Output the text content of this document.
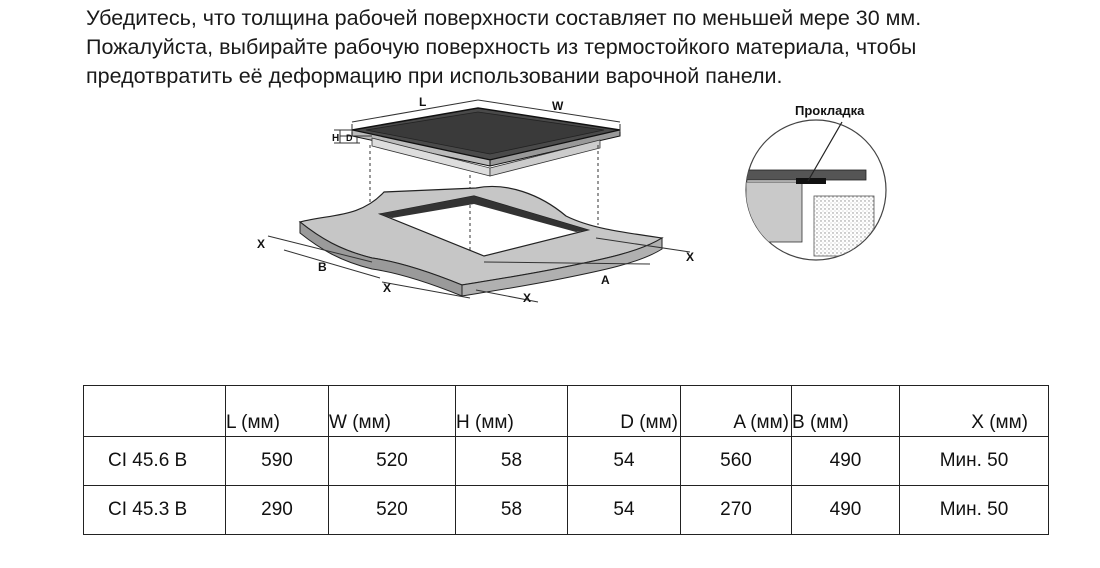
Убедитесь, что толщина рабочей поверхности составляет по меньшей мере 30 мм.

Пожалуйста, выбирайте рабочую поверхность из термостойкого материала, чтобы

предотвратить её деформацию при использовании варочной панели.

L	W
H D
X
B
X
X
A
X
Прокладка
	L (мм)	W (мм)	H (мм)	D (мм)	A (мм)	B (мм)	X (мм)
CI 45.6 B	590	520	58	54	560	490	Мин. 50
CI 45.3 B	290	520	58	54	270	490	Мин. 50
